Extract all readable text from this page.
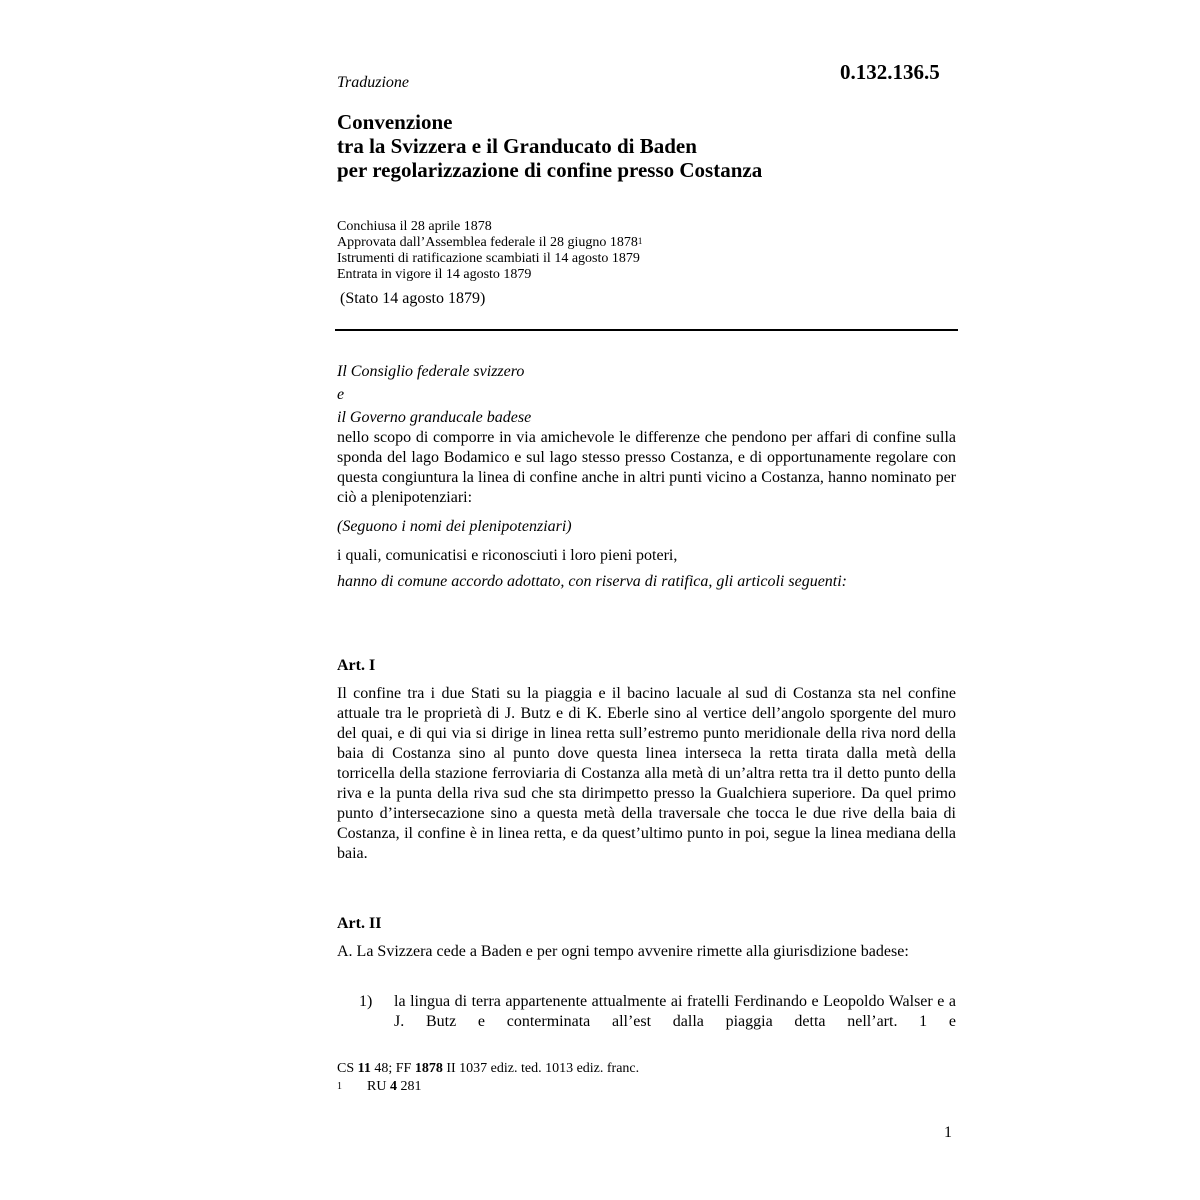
Traduzione	0.132.136.5
Convenzione
tra la Svizzera e il Granducato di Baden
per regolarizzazione di confine presso Costanza
Conchiusa il 28 aprile 1878
Approvata dall’Assemblea federale il 28 giugno 1878$^1$
Istrumenti di ratificazione scambiati il 14 agosto 1879
Entrata in vigore il 14 agosto 1879
(Stato 14 agosto 1879)
Il Consiglio federale svizzero
e
il Governo granducale badese
nello scopo di comporre in via amichevole le differenze che pendono per affari di confine sulla sponda del lago Bodamico e sul lago stesso presso Costanza, e di opportunamente regolare con questa congiuntura la linea di confine anche in altri punti vicino a Costanza, hanno nominato per ciò a plenipotenziari:
(Seguono i nomi dei plenipotenziari)
i quali, comunicatisi e riconosciuti i loro pieni poteri,
hanno di comune accordo adottato, con riserva di ratifica, gli articoli seguenti:
Art. I
Il confine tra i due Stati su la piaggia e il bacino lacuale al sud di Costanza sta nel confine attuale tra le proprietà di J. Butz e di K. Eberle sino al vertice dell’angolo sporgente del muro del quai, e di qui via si dirige in linea retta sull’estremo punto meridionale della riva nord della baia di Costanza sino al punto dove questa linea interseca la retta tirata dalla metà della torricella della stazione ferroviaria di Costanza alla metà di un’altra retta tra il detto punto della riva e la punta della riva sud che sta dirimpetto presso la Gualchiera superiore. Da quel primo punto d’intersecazione sino a questa metà della traversale che tocca le due rive della baia di Costanza, il confine è in linea retta, e da quest’ultimo punto in poi, segue la linea mediana della baia.
Art. II
A. La Svizzera cede a Baden e per ogni tempo avvenire rimette alla giurisdizione badese:
1) la lingua di terra appartenente attualmente ai fratelli Ferdinando e Leopoldo Walser e a J. Butz e conterminata all’est dalla piaggia detta nell’art. 1 e
CS 11 48; FF 1878 II 1037 ediz. ted. 1013 ediz. franc.
1 RU 4 281
1
